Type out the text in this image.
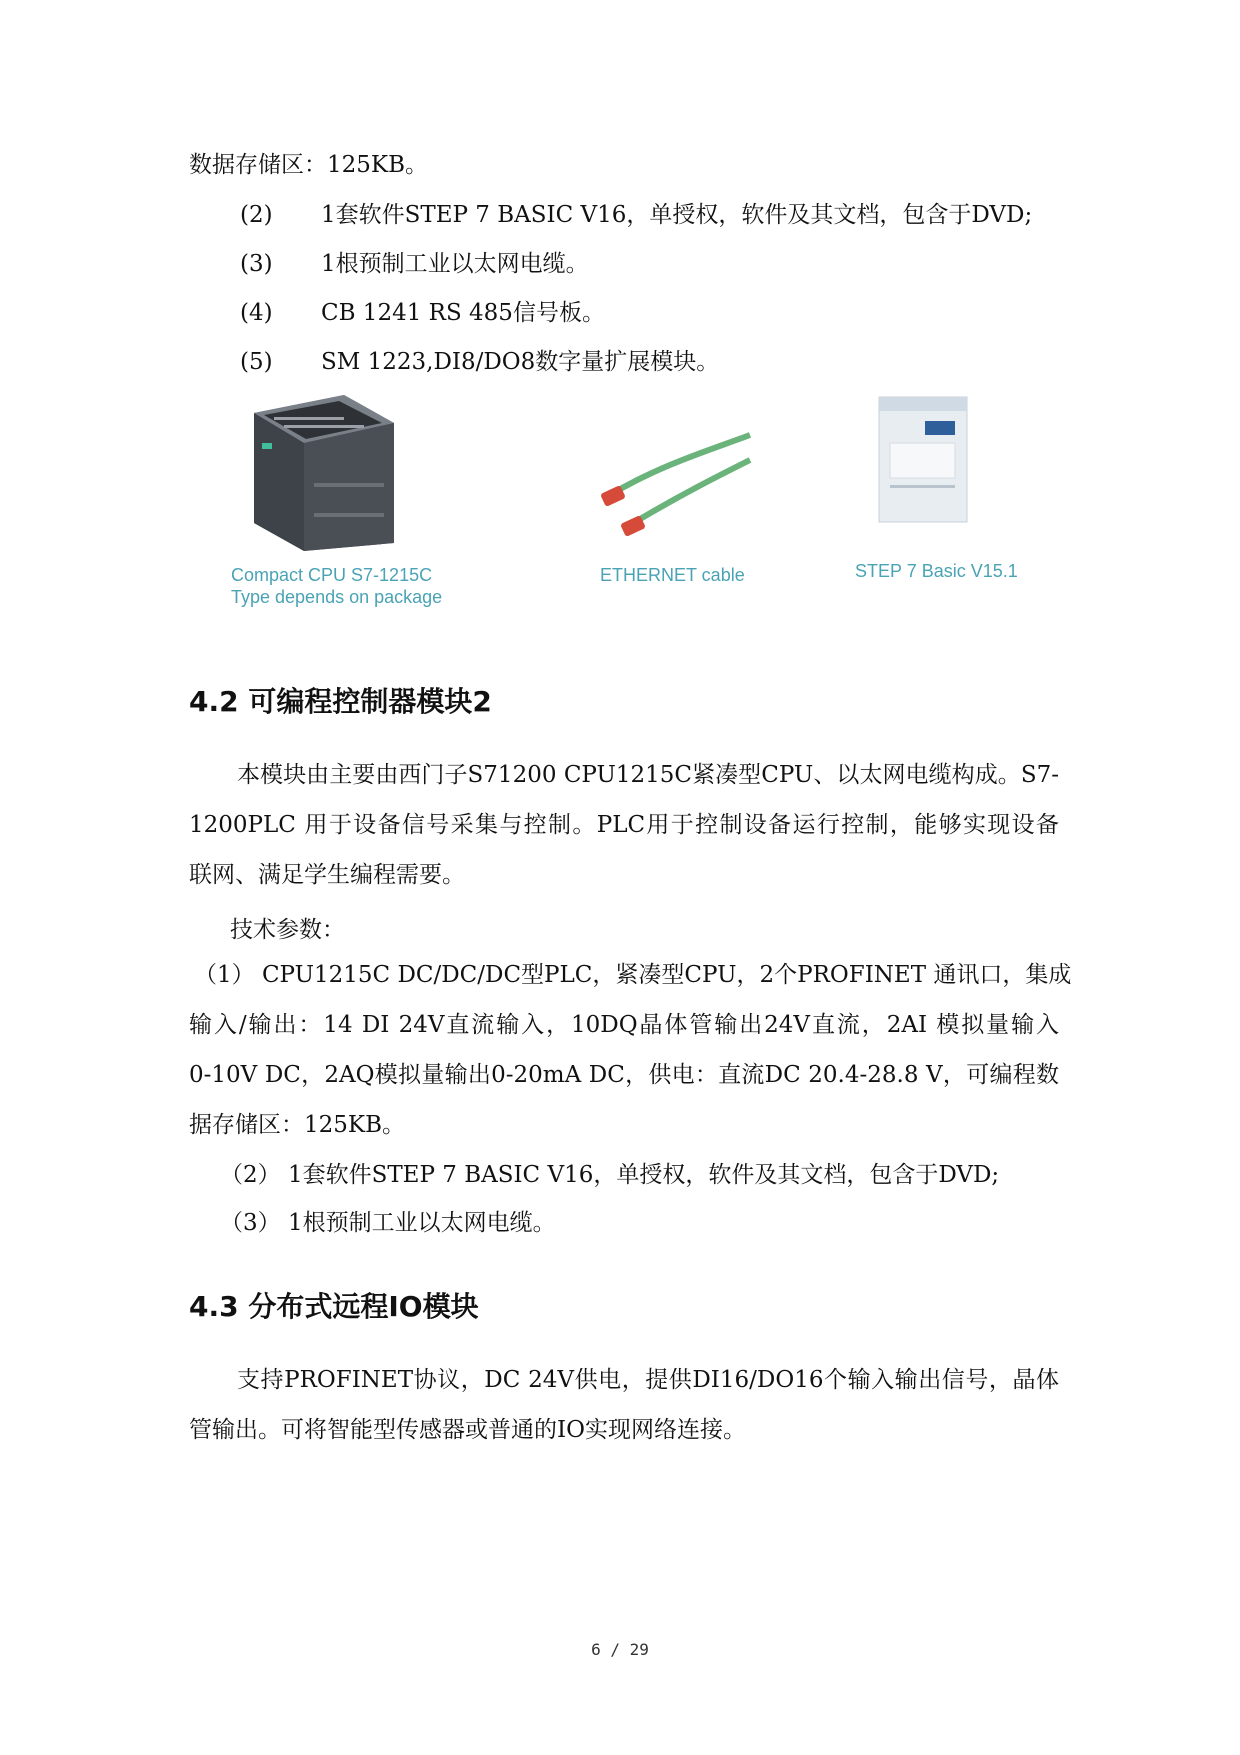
数据存储区：125KB。
(2) 1套软件STEP 7 BASIC V16，单授权，软件及其文档，包含于DVD;
(3) 1根预制工业以太网电缆。
(4) CB 1241 RS 485信号板。
(5) SM 1223,DI8/DO8数字量扩展模块。
Compact CPU S7-1215C
Type depends on package
ETHERNET cable	STEP 7 Basic V15.1
4.2 可编程控制器模块2
本模块由主要由西门子S71200 CPU1215C紧凑型CPU、以太网电缆构成。S7-
1200PLC 用于设备信号采集与控制。PLC用于控制设备运行控制，能够实现设备
联网、满足学生编程需要。
技术参数：
（1） CPU1215C DC/DC/DC型PLC，紧凑型CPU，2个PROFINET 通讯口，集成
输入/输出：14 DI 24V直流输入，10DQ晶体管输出24V直流，2AI 模拟量输入
0-10V DC，2AQ模拟量输出0-20mA DC，供电：直流DC 20.4-28.8 V，可编程数
据存储区：125KB。
（2） 1套软件STEP 7 BASIC V16，单授权，软件及其文档，包含于DVD;
（3） 1根预制工业以太网电缆。
4.3 分布式远程IO模块
支持PROFINET协议，DC 24V供电，提供DI16/DO16个输入输出信号，晶体
管输出。可将智能型传感器或普通的IO实现网络连接。
6 / 29
